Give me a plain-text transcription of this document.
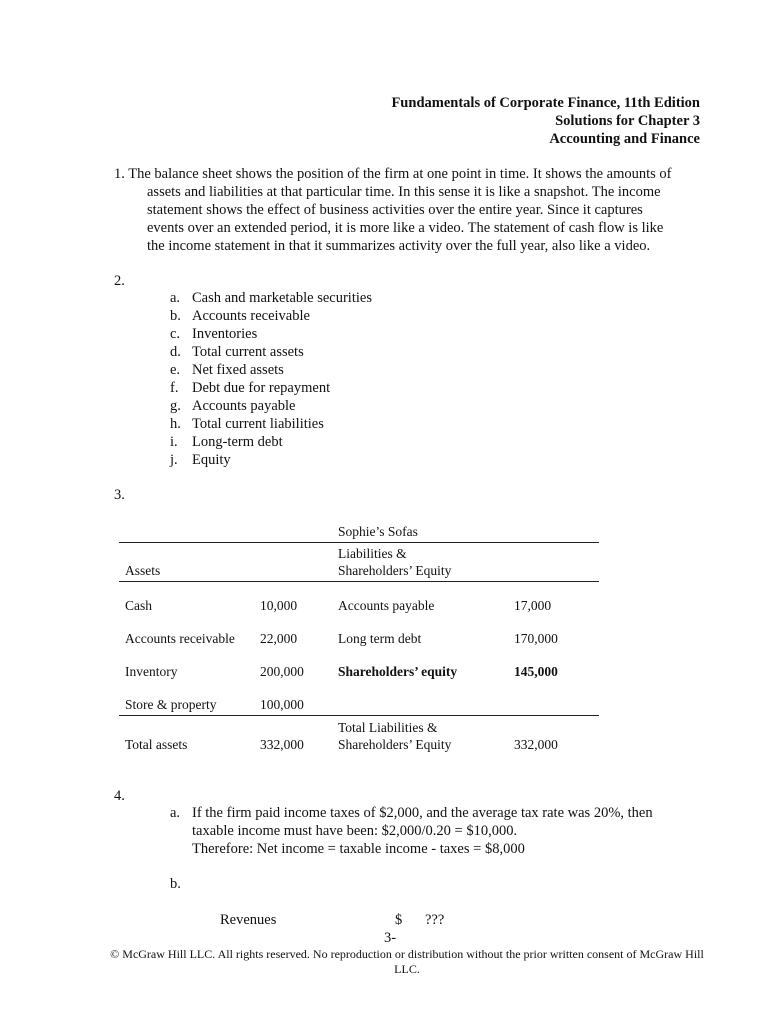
Fundamentals of Corporate Finance, 11th Edition
Solutions for Chapter 3
Accounting and Finance
1. The balance sheet shows the position of the firm at one point in time. It shows the amounts of
assets and liabilities at that particular time. In this sense it is like a snapshot. The income
statement shows the effect of business activities over the entire year. Since it captures
events over an extended period, it is more like a video. The statement of cash flow is like
the income statement in that it summarizes activity over the full year, also like a video.
2.
a. Cash and marketable securities
b. Accounts receivable
c. Inventories
d. Total current assets
e. Net fixed assets
f. Debt due for repayment
g. Accounts payable
h. Total current liabilities
i. Long-term debt
j. Equity
3.
Sophie’s Sofas
Assets
Liabilities &
Shareholders’ Equity
Cash	10,000	Accounts payable	17,000
Accounts receivable 22,000	Long term debt	170,000
Inventory	200,000	Shareholders’ equity	145,000
Store & property	100,000
Total assets	332,000
Total Liabilities &
Shareholders’ Equity	332,000
4.
a. If the firm paid income taxes of $2,000, and the average tax rate was 20%, then
taxable income must have been: $2,000/0.20 = $10,000.
Therefore: Net income = taxable income - taxes = $8,000
b.
Revenues	$ ???
3-
© McGraw Hill LLC. All rights reserved. No reproduction or distribution without the prior written consent of McGraw Hill LLC.
